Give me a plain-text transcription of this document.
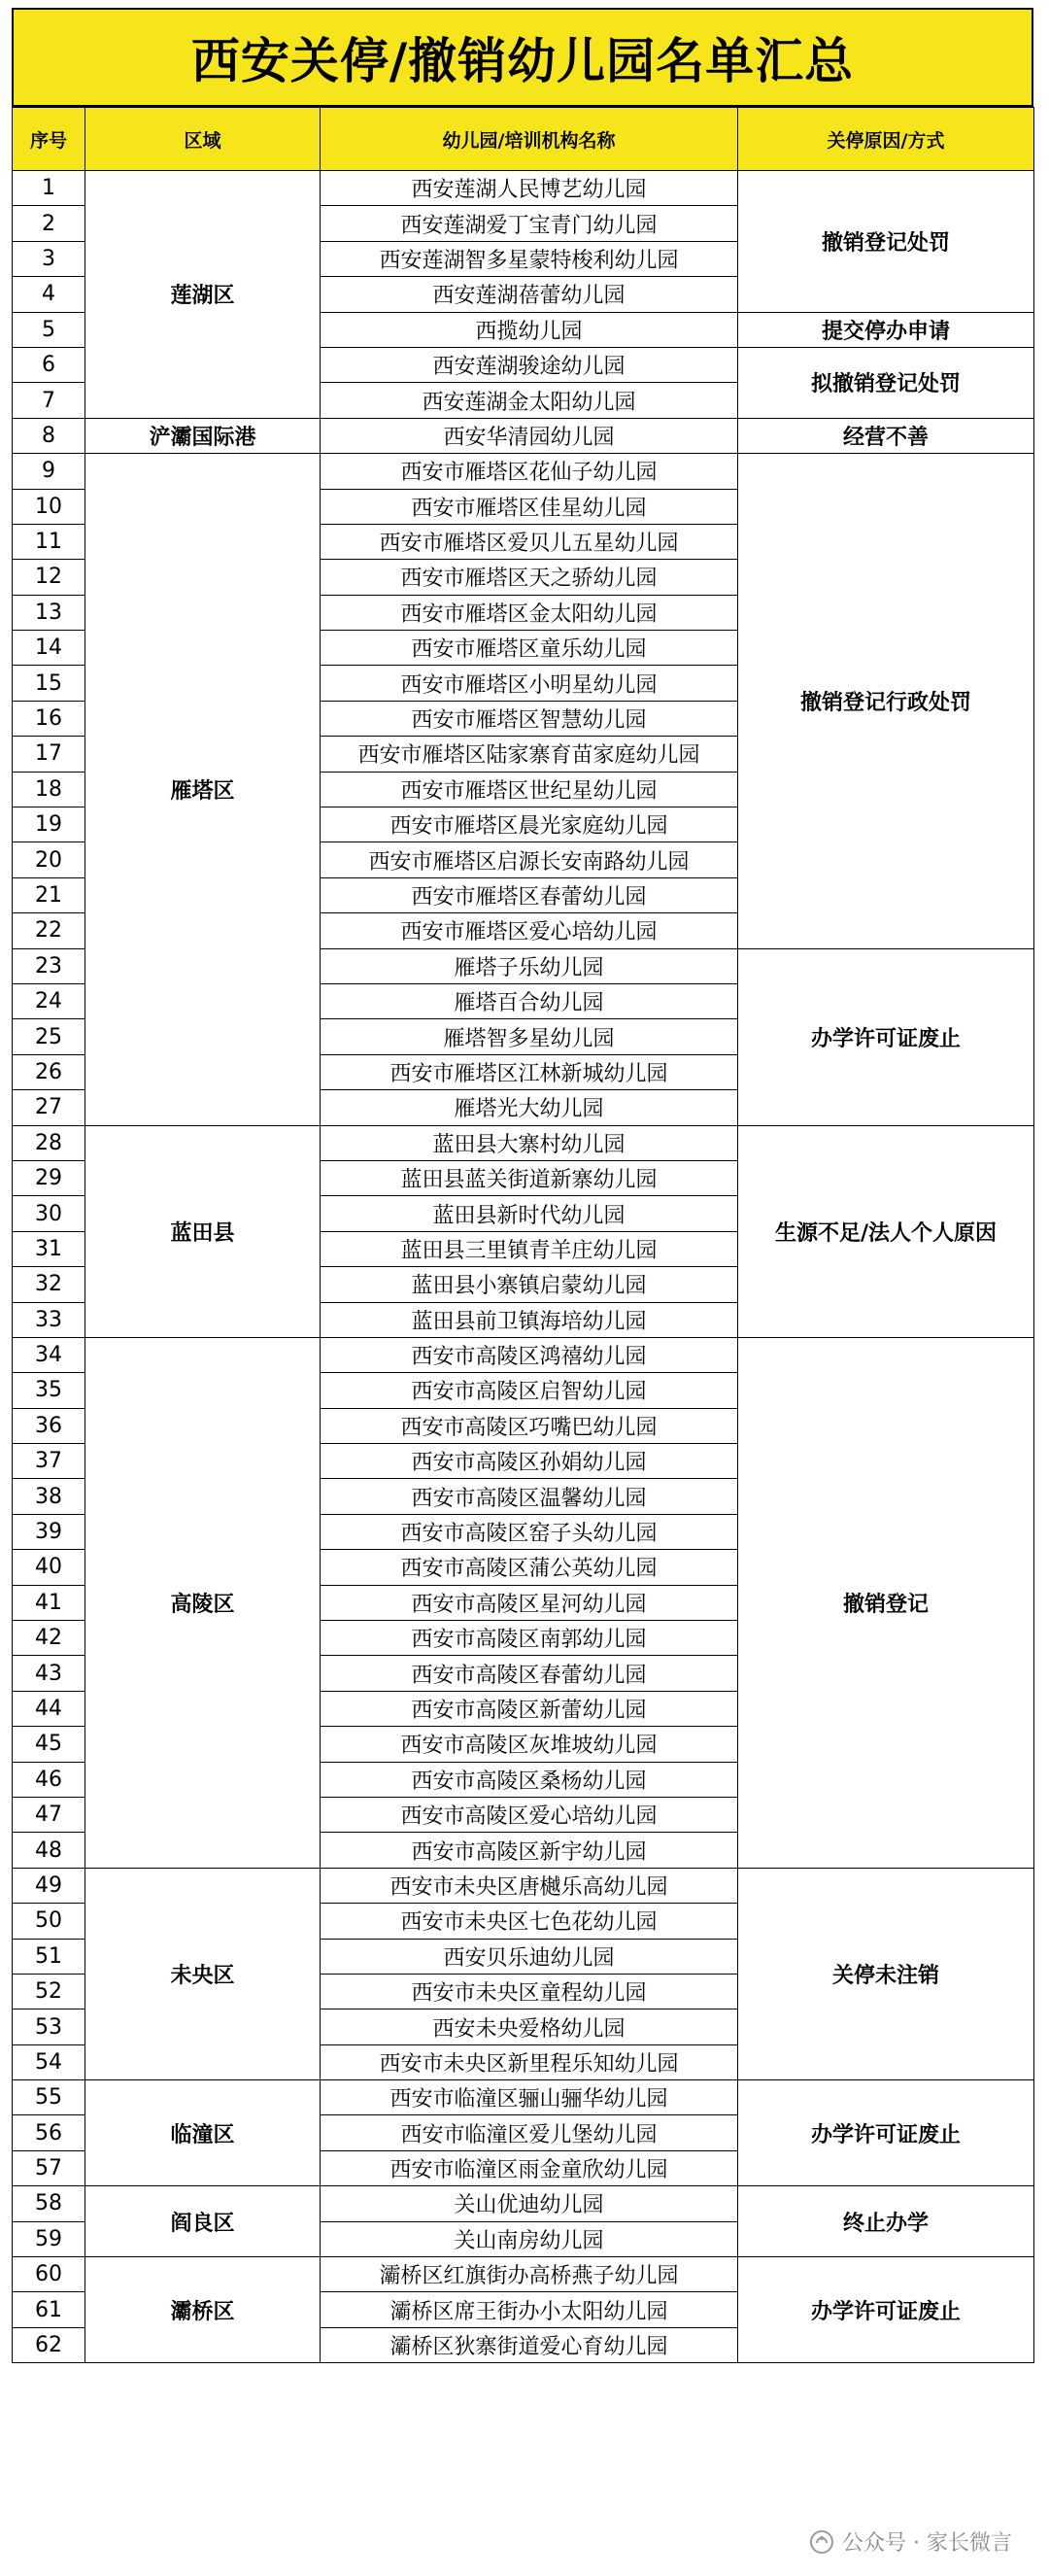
西安关停/撤销幼儿园名单汇总
序号	区域	幼儿园/培训机构名称	关停原因/方式
1	莲湖区	西安莲湖人民博艺幼儿园	撤销登记处罚
2		西安莲湖爱丁宝青门幼儿园	
3		西安莲湖智多星蒙特梭利幼儿园	
4		西安莲湖蓓蕾幼儿园	
5		西揽幼儿园	提交停办申请
6		西安莲湖骏途幼儿园	拟撤销登记处罚
7		西安莲湖金太阳幼儿园	
8	浐灞国际港	西安华清园幼儿园	经营不善
9	雁塔区	西安市雁塔区花仙子幼儿园	撤销登记行政处罚
10		西安市雁塔区佳星幼儿园	
11		西安市雁塔区爱贝儿五星幼儿园	
12		西安市雁塔区天之骄幼儿园	
13		西安市雁塔区金太阳幼儿园	
14		西安市雁塔区童乐幼儿园	
15		西安市雁塔区小明星幼儿园	
16		西安市雁塔区智慧幼儿园	
17		西安市雁塔区陆家寨育苗家庭幼儿园	
18		西安市雁塔区世纪星幼儿园	
19		西安市雁塔区晨光家庭幼儿园	
20		西安市雁塔区启源长安南路幼儿园	
21		西安市雁塔区春蕾幼儿园	
22		西安市雁塔区爱心培幼儿园	
23		雁塔子乐幼儿园	办学许可证废止
24		雁塔百合幼儿园	
25		雁塔智多星幼儿园	
26		西安市雁塔区江林新城幼儿园	
27		雁塔光大幼儿园	
28	蓝田县	蓝田县大寨村幼儿园	生源不足/法人个人原因
29		蓝田县蓝关街道新寨幼儿园	
30		蓝田县新时代幼儿园	
31		蓝田县三里镇青羊庄幼儿园	
32		蓝田县小寨镇启蒙幼儿园	
33		蓝田县前卫镇海培幼儿园	
34	高陵区	西安市高陵区鸿禧幼儿园	撤销登记
35		西安市高陵区启智幼儿园	
36		西安市高陵区巧嘴巴幼儿园	
37		西安市高陵区孙娟幼儿园	
38		西安市高陵区温馨幼儿园	
39		西安市高陵区窑子头幼儿园	
40		西安市高陵区蒲公英幼儿园	
41		西安市高陵区星河幼儿园	
42		西安市高陵区南郭幼儿园	
43		西安市高陵区春蕾幼儿园	
44		西安市高陵区新蕾幼儿园	
45		西安市高陵区灰堆坡幼儿园	
46		西安市高陵区桑杨幼儿园	
47		西安市高陵区爱心培幼儿园	
48		西安市高陵区新宇幼儿园	
49	未央区	西安市未央区唐樾乐高幼儿园	关停未注销
50		西安市未央区七色花幼儿园	
51		西安贝乐迪幼儿园	
52		西安市未央区童程幼儿园	
53		西安未央爱格幼儿园	
54		西安市未央区新里程乐知幼儿园	
55	临潼区	西安市临潼区骊山骊华幼儿园	办学许可证废止
56		西安市临潼区爱儿堡幼儿园	
57		西安市临潼区雨金童欣幼儿园	
58	阎良区	关山优迪幼儿园	终止办学
59		关山南房幼儿园	
60	灞桥区	灞桥区红旗街办高桥燕子幼儿园	办学许可证废止
61		灞桥区席王街办小太阳幼儿园	
62		灞桥区狄寨街道爱心育幼儿园	
公众号 · 家长微言
